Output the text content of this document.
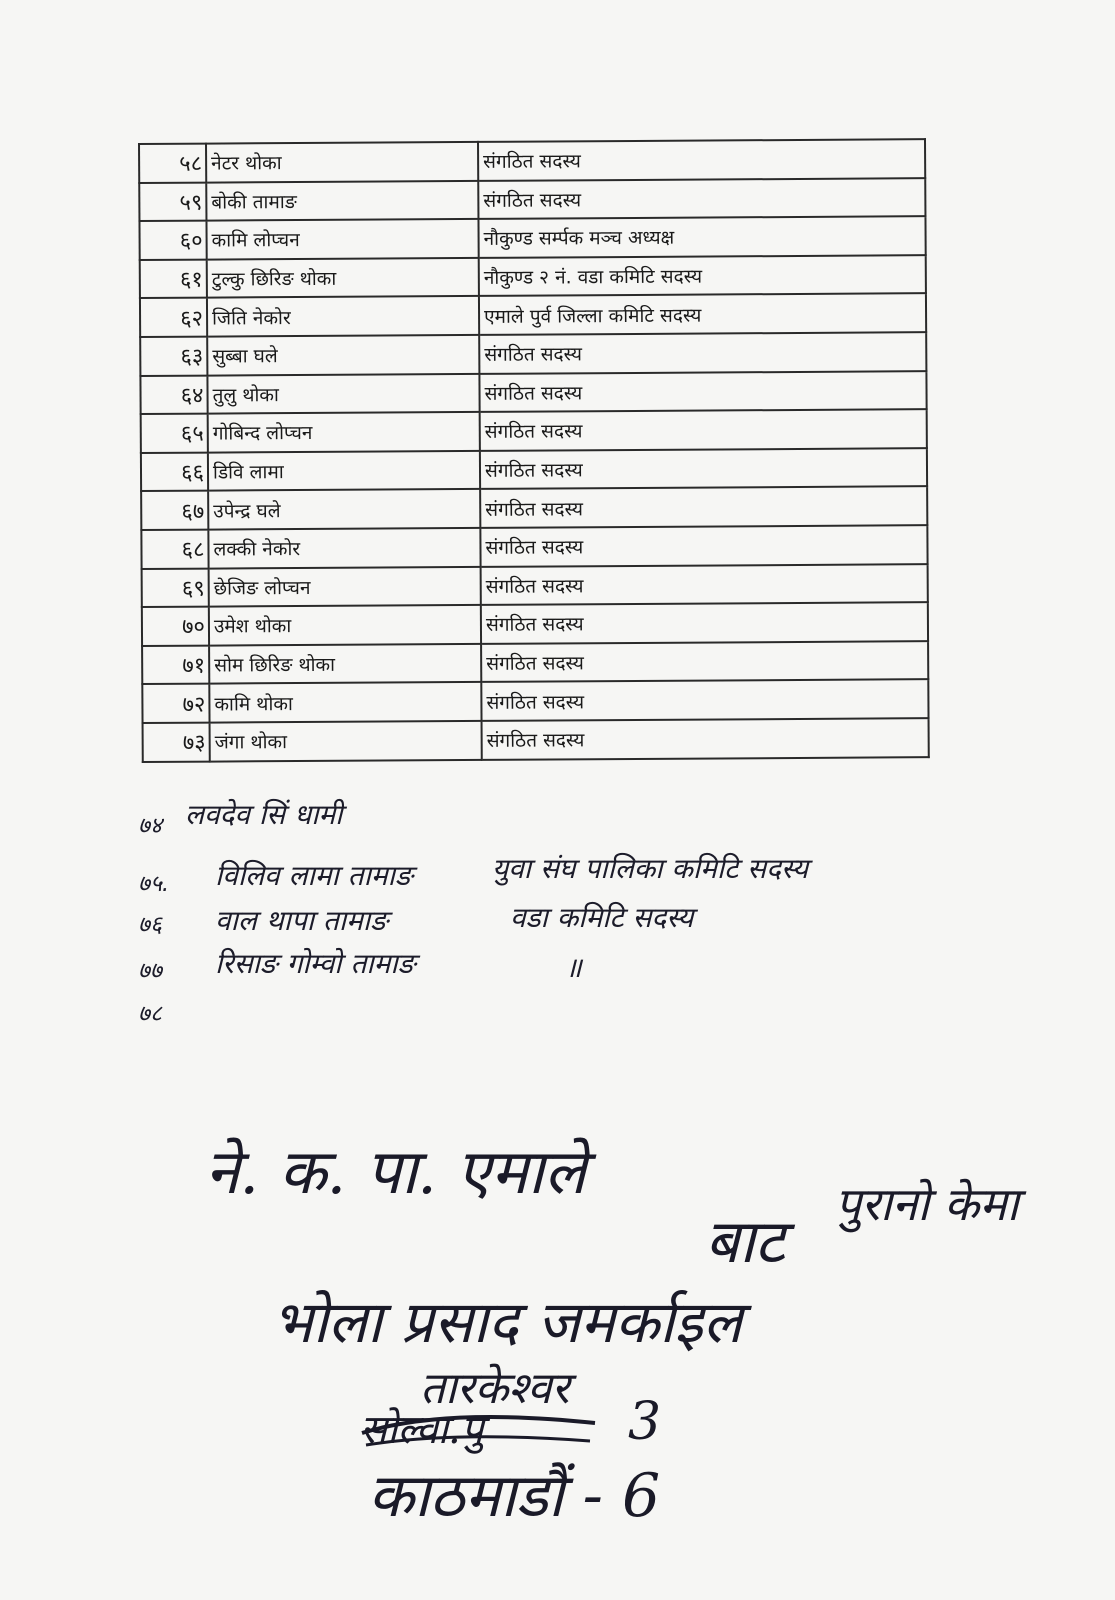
५८	नेटर थोका	संगठित सदस्य
५९	बोकी तामाङ	संगठित सदस्य
६०	कामि लोप्चन	नौकुण्ड सर्म्पक मञ्च अध्यक्ष
६१	टुल्कु छिरिङ थोका	नौकुण्ड २ नं. वडा कमिटि सदस्य
६२	जिति नेकोर	एमाले पुर्व जिल्ला कमिटि सदस्य
६३	सुब्बा घले	संगठित सदस्य
६४	तुलु थोका	संगठित सदस्य
६५	गोबिन्द लोप्चन	संगठित सदस्य
६६	डिवि लामा	संगठित सदस्य
६७	उपेन्द्र घले	संगठित सदस्य
६८	लक्की नेकोर	संगठित सदस्य
६९	छेजिङ लोप्चन	संगठित सदस्य
७०	उमेश थोका	संगठित सदस्य
७१	सोम छिरिङ थोका	संगठित सदस्य
७२	कामि थोका	संगठित सदस्य
७३	जंगा थोका	संगठित सदस्य
७४ लवदेव सिं धामी
७५. विलिव लामा तामाङ	युवा संघ पालिका कमिटि सदस्य
७६ वाल थापा तामाङ	वडा कमिटि सदस्य
७७ रिसाङ गोम्वो तामाङ	॥
७८
ने. क. पा. एमाले
बाट
पुरानो केमा
भोला प्रसाद जमर्काइल
तारकेश्वर
सोल्वा.पु	3
काठमाडौं - 6
